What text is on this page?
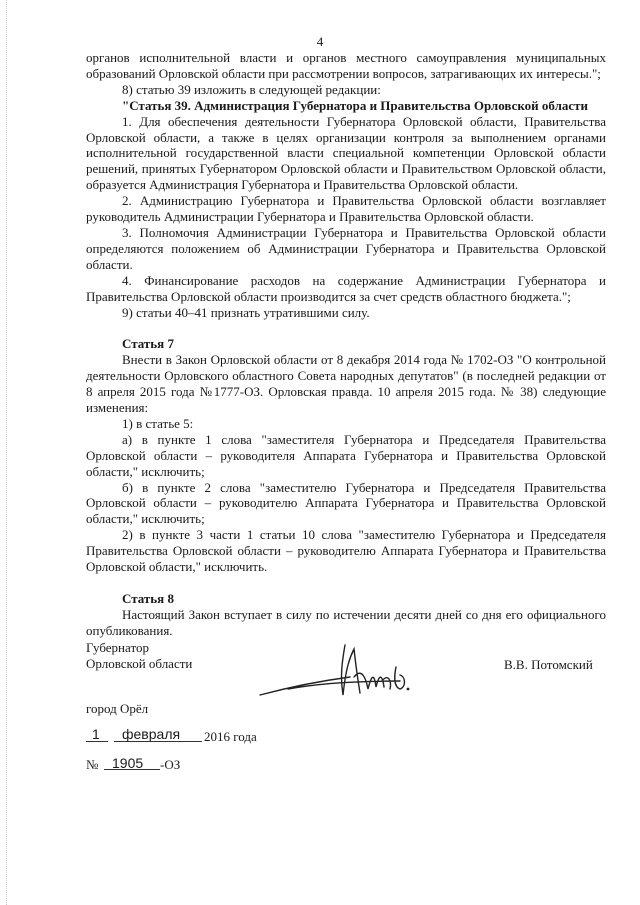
4

органов исполнительной власти и органов местного самоуправления муниципальных образований Орловской области при рассмотрении вопросов, затрагивающих их интересы.";

8) статью 39 изложить в следующей редакции:

"Статья 39. Администрация Губернатора и Правительства Орловской области

1. Для обеспечения деятельности Губернатора Орловской области, Правительства Орловской области, а также в целях организации контроля за выполнением органами исполнительной государственной власти специальной компетенции Орловской области решений, принятых Губернатором Орловской области и Правительством Орловской области, образуется Администрация Губернатора и Правительства Орловской области.

2. Администрацию Губернатора и Правительства Орловской области возглавляет руководитель Администрации Губернатора и Правительства Орловской области.

3. Полномочия Администрации Губернатора и Правительства Орловской области определяются положением об Администрации Губернатора и Правительства Орловской области.

4. Финансирование расходов на содержание Администрации Губернатора и Правительства Орловской области производится за счет средств областного бюджета.";

9) статьи 40–41 признать утратившими силу.

Статья 7

Внести в Закон Орловской области от 8 декабря 2014 года № 1702-ОЗ "О контрольной деятельности Орловского областного Совета народных депутатов" (в последней редакции от 8 апреля 2015 года №1777-ОЗ. Орловская правда. 10 апреля 2015 года. № 38) следующие изменения:

1) в статье 5:

а) в пункте 1 слова "заместителя Губернатора и Председателя Правительства Орловской области – руководителя Аппарата Губернатора и Правительства Орловской области," исключить;

б) в пункте 2 слова "заместителю Губернатора и Председателя Правительства Орловской области – руководителю Аппарата Губернатора и Правительства Орловской области," исключить;

2) в пункте 3 части 1 статьи 10 слова "заместителю Губернатора и Председателя Правительства Орловской области – руководителю Аппарата Губернатора и Правительства Орловской области," исключить.

Статья 8

Настоящий Закон вступает в силу по истечении десяти дней со дня его официального опубликования.

Губернатор
Орловской области	В.В. Потомский
город Орёл
1 февраля 2016 года
№ 1905 -ОЗ
